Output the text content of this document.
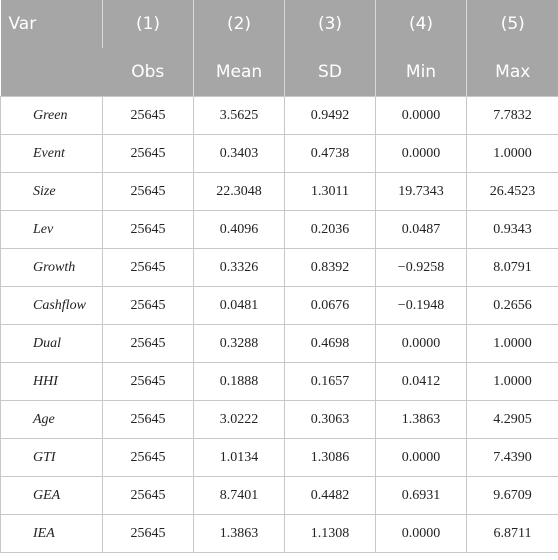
Var	(1)	(2)	(3)	(4)	(5)
	Obs	Mean	SD	Min	Max
Green	25645	3.5625	0.9492	0.0000	7.7832
Event	25645	0.3403	0.4738	0.0000	1.0000
Size	25645	22.3048	1.3011	19.7343	26.4523
Lev	25645	0.4096	0.2036	0.0487	0.9343
Growth	25645	0.3326	0.8392	−0.9258	8.0791
Cashflow	25645	0.0481	0.0676	−0.1948	0.2656
Dual	25645	0.3288	0.4698	0.0000	1.0000
HHI	25645	0.1888	0.1657	0.0412	1.0000
Age	25645	3.0222	0.3063	1.3863	4.2905
GTI	25645	1.0134	1.3086	0.0000	7.4390
GEA	25645	8.7401	0.4482	0.6931	9.6709
IEA	25645	1.3863	1.1308	0.0000	6.8711
